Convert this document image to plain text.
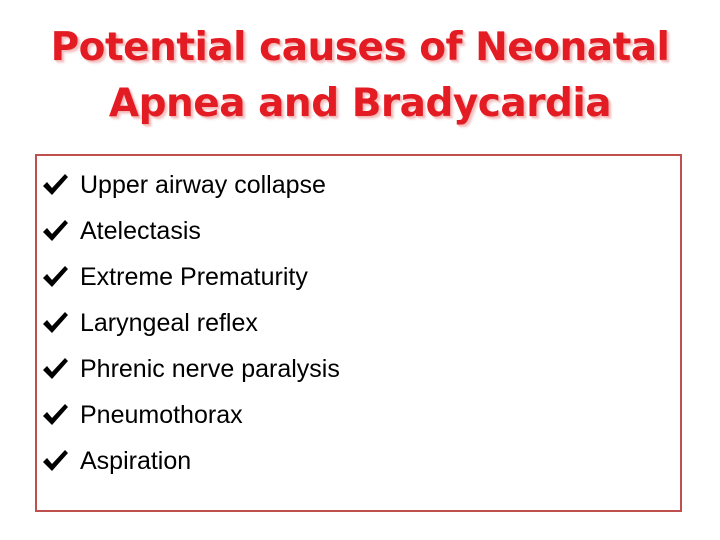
Potential causes of Neonatal
Apnea and Bradycardia
Upper airway collapse
Atelectasis
Extreme Prematurity
Laryngeal reflex
Phrenic nerve paralysis
Pneumothorax
Aspiration
